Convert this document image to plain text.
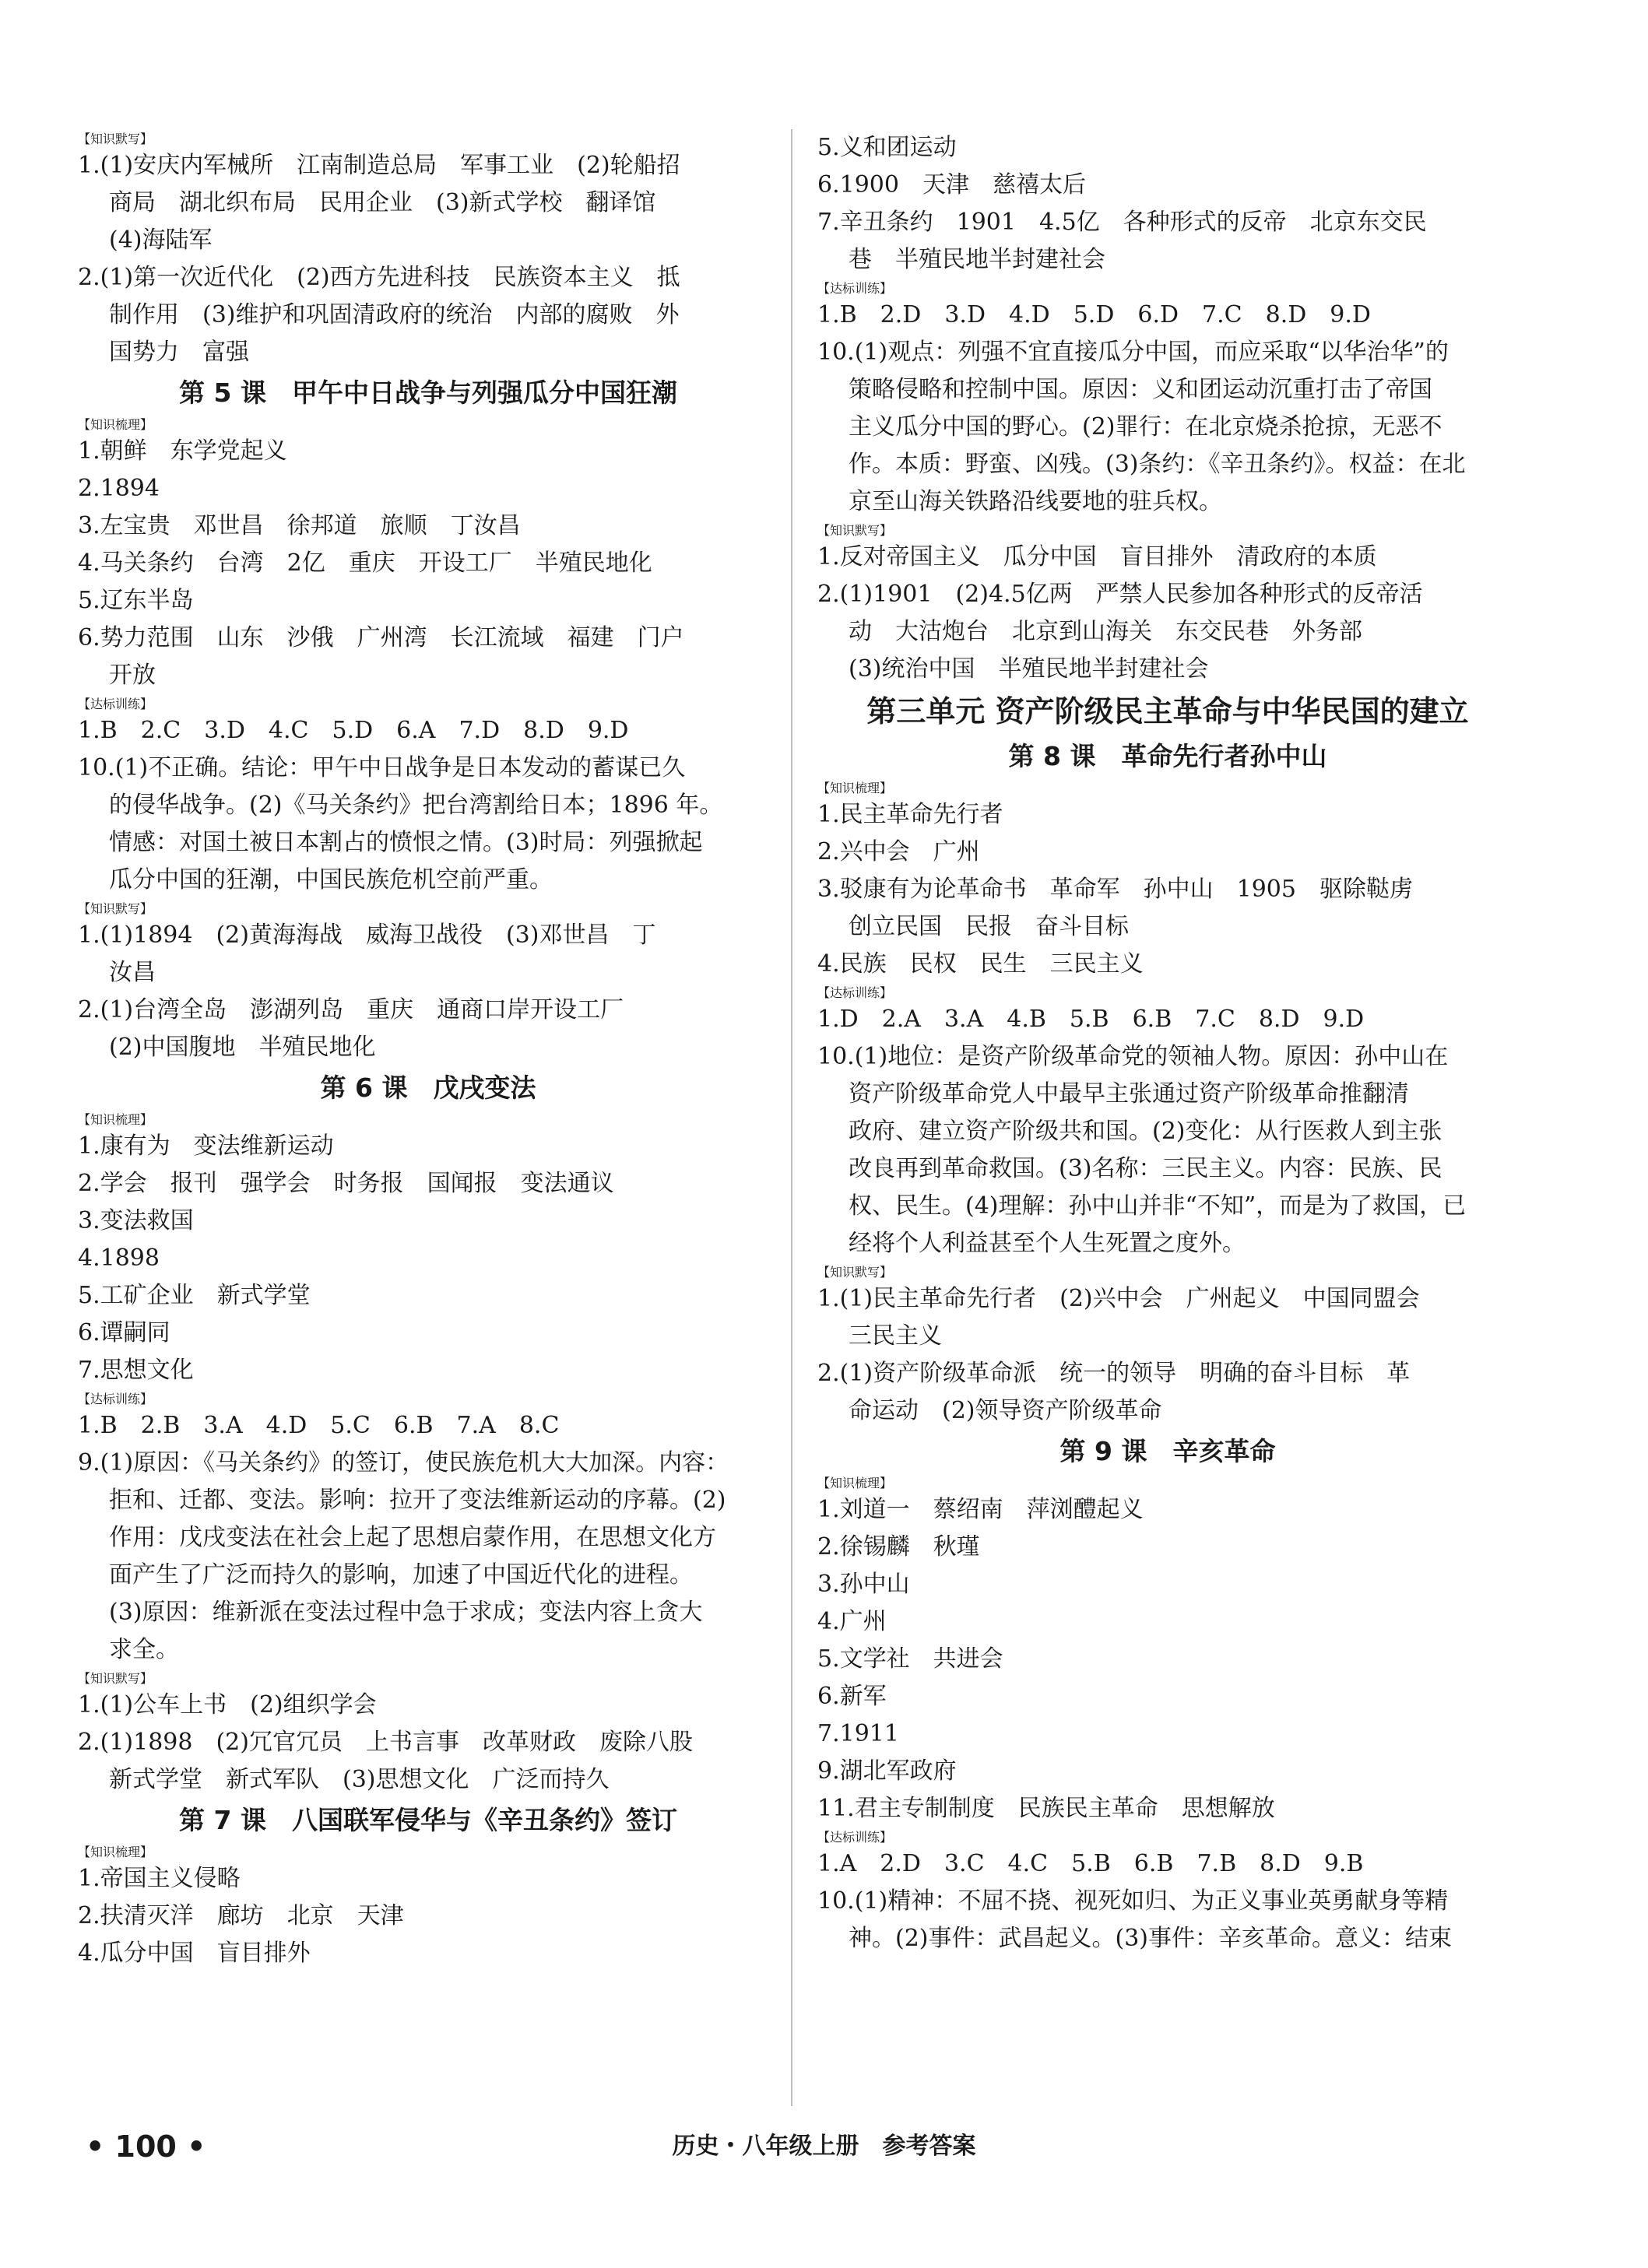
【知识默写】
1.(1)安庆内军械所　江南制造总局　军事工业　(2)轮船招
商局　湖北织布局　民用企业　(3)新式学校　翻译馆
(4)海陆军
2.(1)第一次近代化　(2)西方先进科技　民族资本主义　抵
制作用　(3)维护和巩固清政府的统治　内部的腐败　外
国势力　富强
第 5 课　甲午中日战争与列强瓜分中国狂潮
【知识梳理】
1.朝鲜　东学党起义
2.1894
3.左宝贵　邓世昌　徐邦道　旅顺　丁汝昌
4.马关条约　台湾　2亿　重庆　开设工厂　半殖民地化
5.辽东半岛
6.势力范围　山东　沙俄　广州湾　长江流域　福建　门户
开放
【达标训练】
1.B　2.C　3.D　4.C　5.D　6.A　7.D　8.D　9.D
10.(1)不正确。结论：甲午中日战争是日本发动的蓄谋已久
的侵华战争。(2)《马关条约》把台湾割给日本；1896 年。
情感：对国土被日本割占的愤恨之情。(3)时局：列强掀起
瓜分中国的狂潮，中国民族危机空前严重。
【知识默写】
1.(1)1894　(2)黄海海战　威海卫战役　(3)邓世昌　丁
汝昌
2.(1)台湾全岛　澎湖列岛　重庆　通商口岸开设工厂
(2)中国腹地　半殖民地化
第 6 课　戊戌变法
【知识梳理】
1.康有为　变法维新运动
2.学会　报刊　强学会　时务报　国闻报　变法通议
3.变法救国
4.1898
5.工矿企业　新式学堂
6.谭嗣同
7.思想文化
【达标训练】
1.B　2.B　3.A　4.D　5.C　6.B　7.A　8.C
9.(1)原因：《马关条约》的签订，使民族危机大大加深。内容：
拒和、迁都、变法。影响：拉开了变法维新运动的序幕。(2)
作用：戊戌变法在社会上起了思想启蒙作用，在思想文化方
面产生了广泛而持久的影响，加速了中国近代化的进程。
(3)原因：维新派在变法过程中急于求成；变法内容上贪大
求全。
【知识默写】
1.(1)公车上书　(2)组织学会
2.(1)1898　(2)冗官冗员　上书言事　改革财政　废除八股
新式学堂　新式军队　(3)思想文化　广泛而持久
第 7 课　八国联军侵华与《辛丑条约》签订
【知识梳理】
1.帝国主义侵略
2.扶清灭洋　廊坊　北京　天津
4.瓜分中国　盲目排外
5.义和团运动
6.1900　天津　慈禧太后
7.辛丑条约　1901　4.5亿　各种形式的反帝　北京东交民
巷　半殖民地半封建社会
【达标训练】
1.B　2.D　3.D　4.D　5.D　6.D　7.C　8.D　9.D
10.(1)观点：列强不宜直接瓜分中国，而应采取“以华治华”的
策略侵略和控制中国。原因：义和团运动沉重打击了帝国
主义瓜分中国的野心。(2)罪行：在北京烧杀抢掠，无恶不
作。本质：野蛮、凶残。(3)条约：《辛丑条约》。权益：在北
京至山海关铁路沿线要地的驻兵权。
【知识默写】
1.反对帝国主义　瓜分中国　盲目排外　清政府的本质
2.(1)1901　(2)4.5亿两　严禁人民参加各种形式的反帝活
动　大沽炮台　北京到山海关　东交民巷　外务部
(3)统治中国　半殖民地半封建社会
第三单元 资产阶级民主革命与中华民国的建立
第 8 课　革命先行者孙中山
【知识梳理】
1.民主革命先行者
2.兴中会　广州
3.驳康有为论革命书　革命军　孙中山　1905　驱除鞑虏
创立民国　民报　奋斗目标
4.民族　民权　民生　三民主义
【达标训练】
1.D　2.A　3.A　4.B　5.B　6.B　7.C　8.D　9.D
10.(1)地位：是资产阶级革命党的领袖人物。原因：孙中山在
资产阶级革命党人中最早主张通过资产阶级革命推翻清
政府、建立资产阶级共和国。(2)变化：从行医救人到主张
改良再到革命救国。(3)名称：三民主义。内容：民族、民
权、民生。(4)理解：孙中山并非“不知”，而是为了救国，已
经将个人利益甚至个人生死置之度外。
【知识默写】
1.(1)民主革命先行者　(2)兴中会　广州起义　中国同盟会
三民主义
2.(1)资产阶级革命派　统一的领导　明确的奋斗目标　革
命运动　(2)领导资产阶级革命
第 9 课　辛亥革命
【知识梳理】
1.刘道一　蔡绍南　萍浏醴起义
2.徐锡麟　秋瑾
3.孙中山
4.广州
5.文学社　共进会
6.新军
7.1911
9.湖北军政府
11.君主专制制度　民族民主革命　思想解放
【达标训练】
1.A　2.D　3.C　4.C　5.B　6.B　7.B　8.D　9.B
10.(1)精神：不屈不挠、视死如归、为正义事业英勇献身等精
神。(2)事件：武昌起义。(3)事件：辛亥革命。意义：结束
• 100 •	历史・八年级上册　参考答案
